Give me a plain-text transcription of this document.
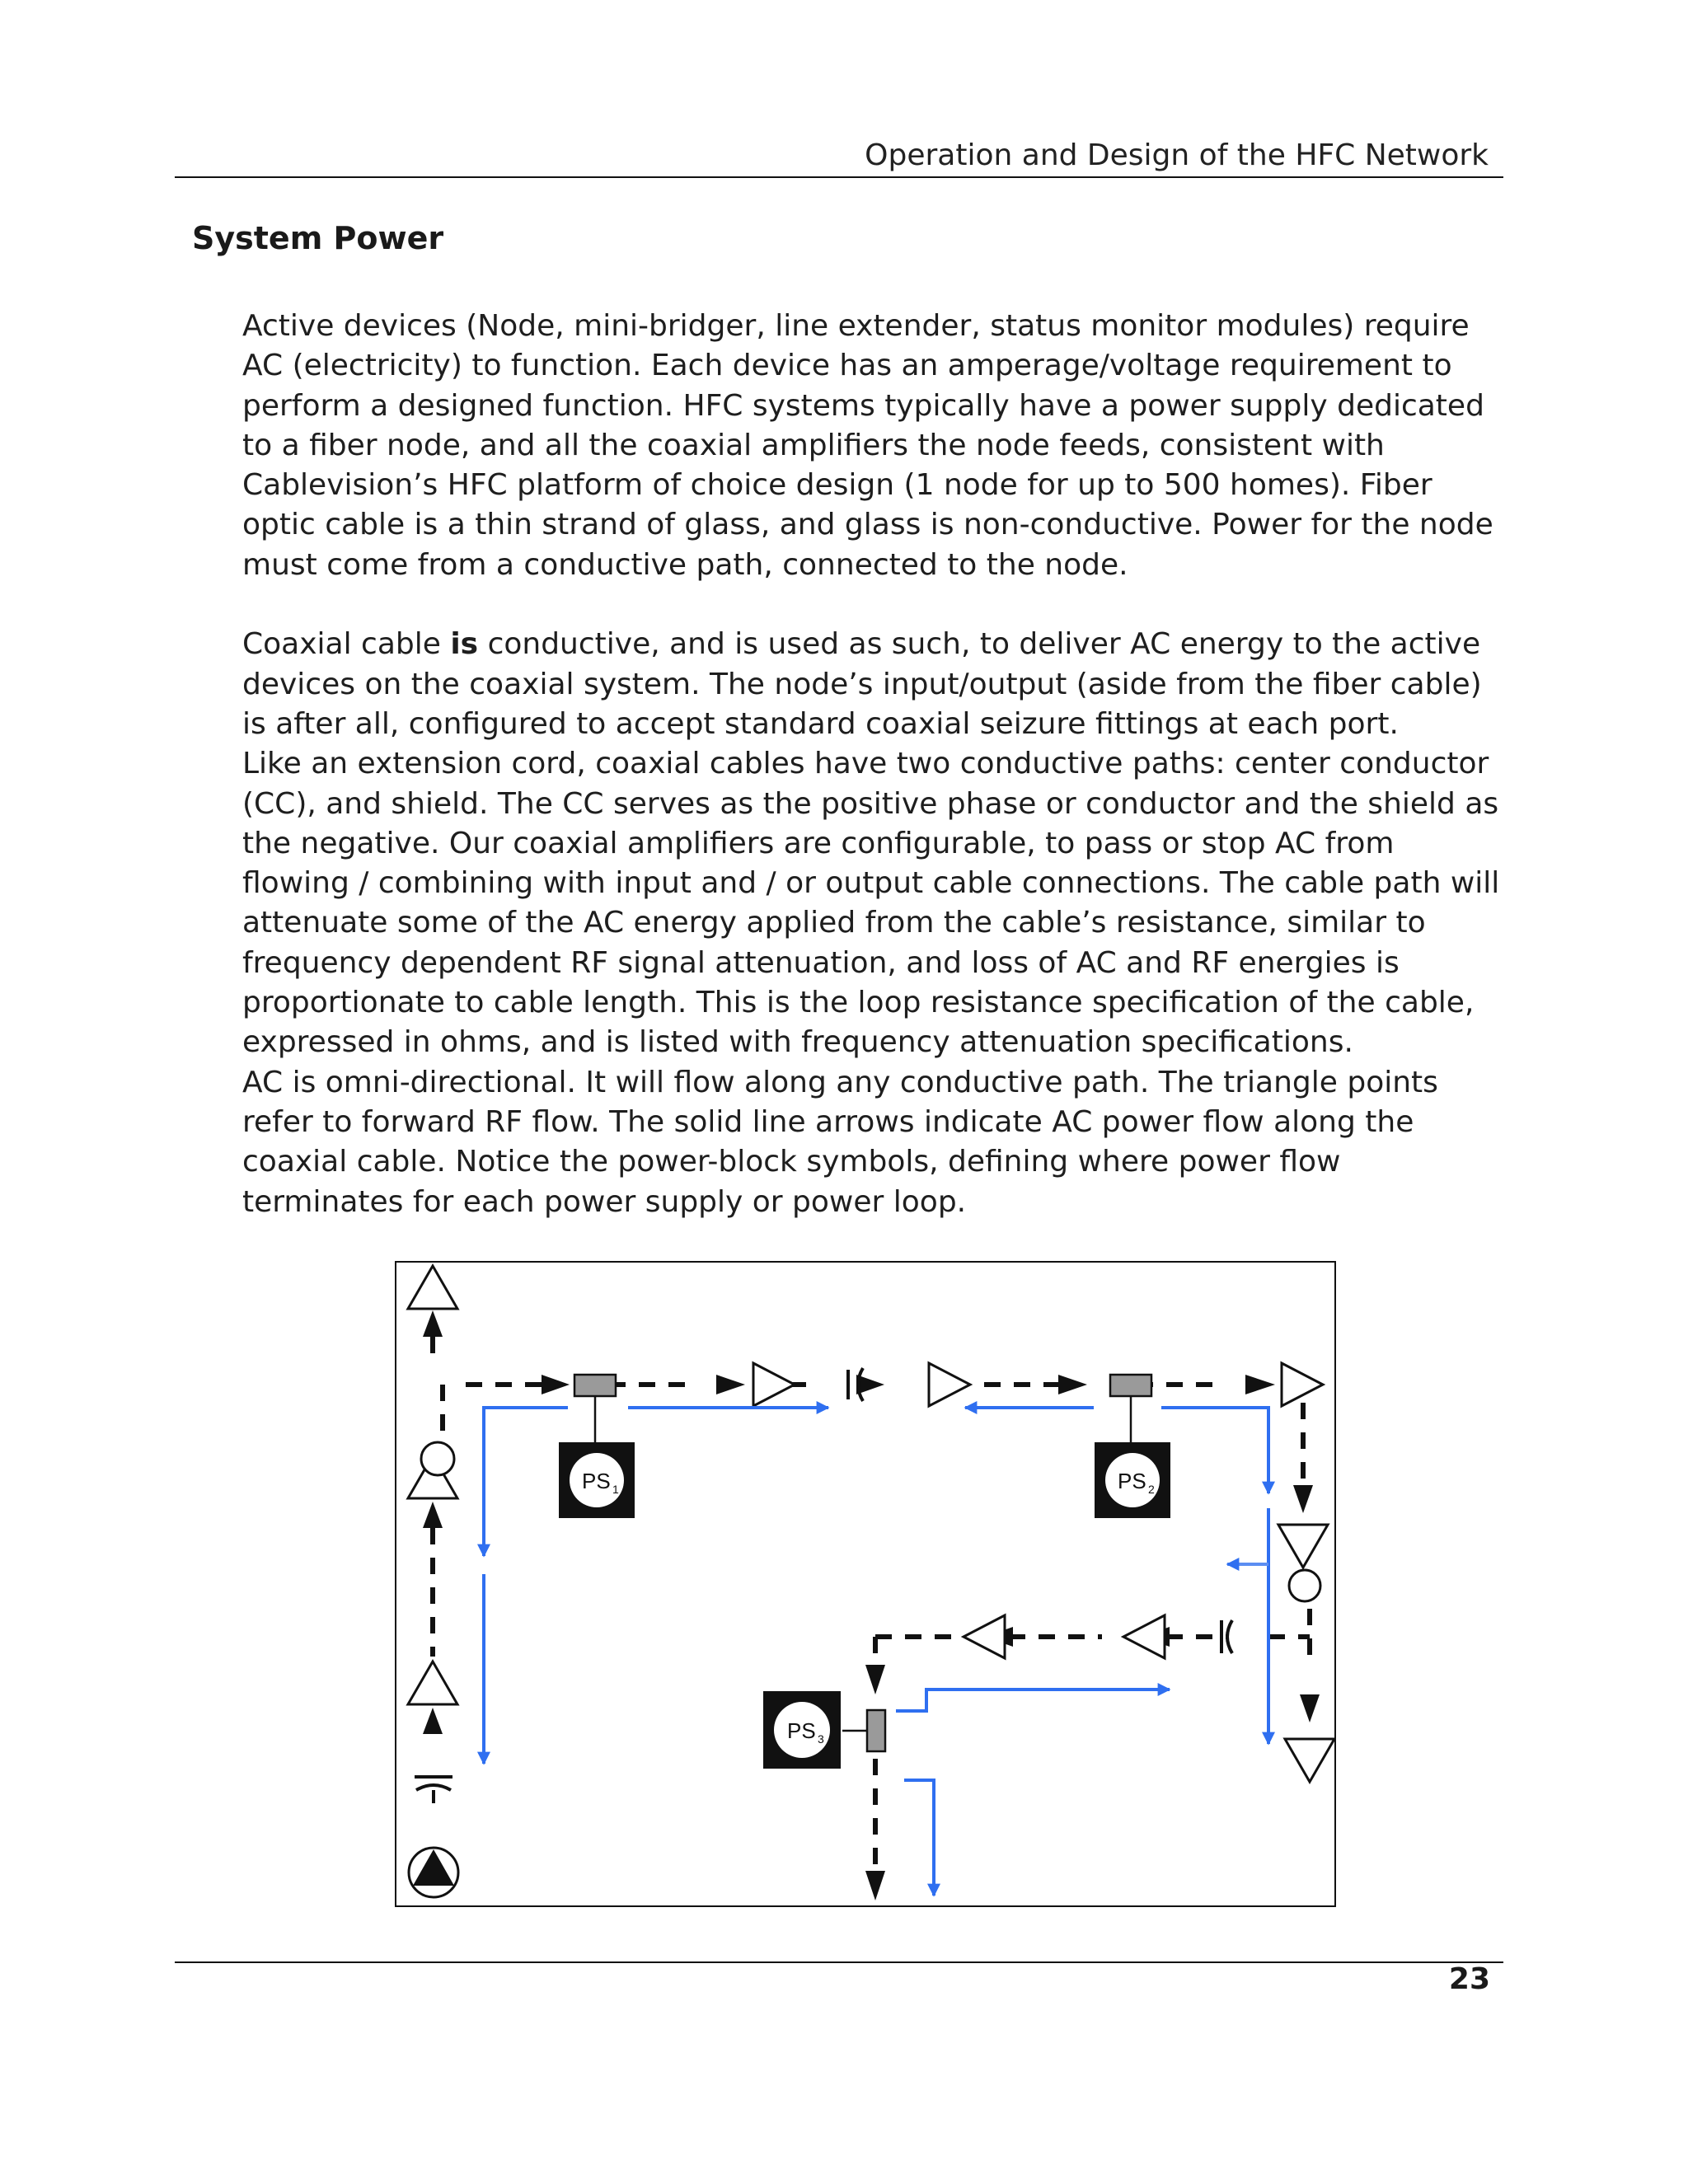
Operation and Design of the HFC Network
System Power

Active devices (Node, mini-bridger, line extender, status monitor modules) require AC (electricity) to function. Each device has an amperage/voltage requirement to perform a designed function. HFC systems typically have a power supply dedicated to a fiber node, and all the coaxial amplifiers the node feeds, consistent with Cablevision’s HFC platform of choice design (1 node for up to 500 homes). Fiber optic cable is a thin strand of glass, and glass is non-conductive. Power for the node must come from a conductive path, connected to the node.

Coaxial cable is conductive, and is used as such, to deliver AC energy to the active devices on the coaxial system. The node’s input/output (aside from the fiber cable) is after all, configured to accept standard coaxial seizure fittings at each port.

Like an extension cord, coaxial cables have two conductive paths: center conductor (CC), and shield. The CC serves as the positive phase or conductor and the shield as the negative. Our coaxial amplifiers are configurable, to pass or stop AC from flowing / combining with input and / or output cable connections. The cable path will attenuate some of the AC energy applied from the cable’s resistance, similar to frequency dependent RF signal attenuation, and loss of AC and RF energies is proportionate to cable length. This is the loop resistance specification of the cable, expressed in ohms, and is listed with frequency attenuation specifications.

AC is omni-directional. It will flow along any conductive path. The triangle points refer to forward RF flow. The solid line arrows indicate AC power flow along the coaxial cable. Notice the power-block symbols, defining where power flow terminates for each power supply or power loop.

PS 1	PS 2
PS 3
23
